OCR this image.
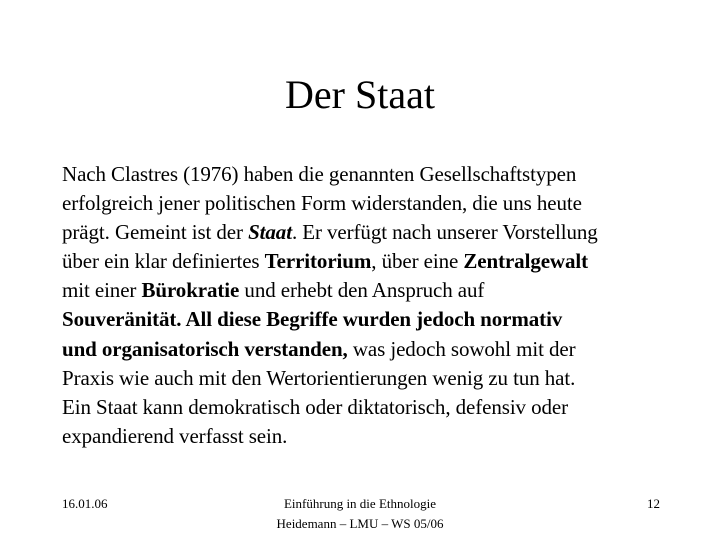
Der Staat
Nach Clastres (1976) haben die genannten Gesellschaftstypen
erfolgreich jener politischen Form widerstanden, die uns heute
prägt. Gemeint ist der Staat. Er verfügt nach unserer Vorstellung
über ein klar definiertes Territorium, über eine Zentralgewalt
mit einer Bürokratie und erhebt den Anspruch auf
Souveränität. All diese Begriffe wurden jedoch normativ
und organisatorisch verstanden, was jedoch sowohl mit der
Praxis wie auch mit den Wertorientierungen wenig zu tun hat.
Ein Staat kann demokratisch oder diktatorisch, defensiv oder
expandierend verfasst sein.
16.01.06	Einführung in die Ethnologie
Heidemann – LMU – WS 05/06
12
